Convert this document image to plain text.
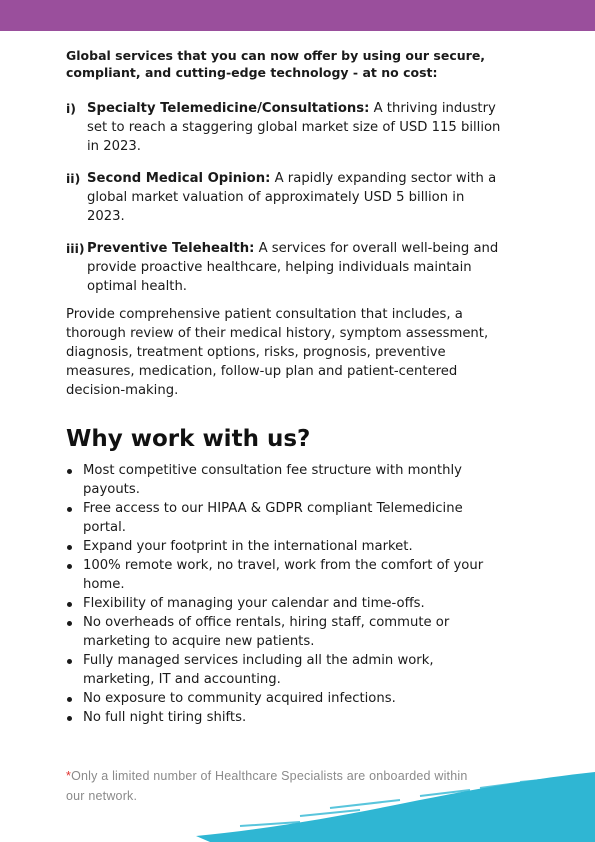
Global services that you can now offer by using our secure, compliant, and cutting-edge technology - at no cost:

i) Specialty Telemedicine/Consultations: A thriving industry set to reach a staggering global market size of USD 115 billion in 2023.
ii) Second Medical Opinion: A rapidly expanding sector with a global market valuation of approximately USD 5 billion in 2023.
iii) Preventive Telehealth: A services for overall well-being and provide proactive healthcare, helping individuals maintain optimal health.

Provide comprehensive patient consultation that includes, a thorough review of their medical history, symptom assessment, diagnosis, treatment options, risks, prognosis, preventive measures, medication, follow-up plan and patient-centered decision-making.

Why work with us?
Most competitive consultation fee structure with monthly payouts.
Free access to our HIPAA & GDPR compliant Telemedicine portal.
Expand your footprint in the international market.
100% remote work, no travel, work from the comfort of your home.
Flexibility of managing your calendar and time-offs.
No overheads of office rentals, hiring staff, commute or marketing to acquire new patients.
Fully managed services including all the admin work, marketing, IT and accounting.
No exposure to community acquired infections.
No full night tiring shifts.
*Only a limited number of Healthcare Specialists are onboarded within our network.
